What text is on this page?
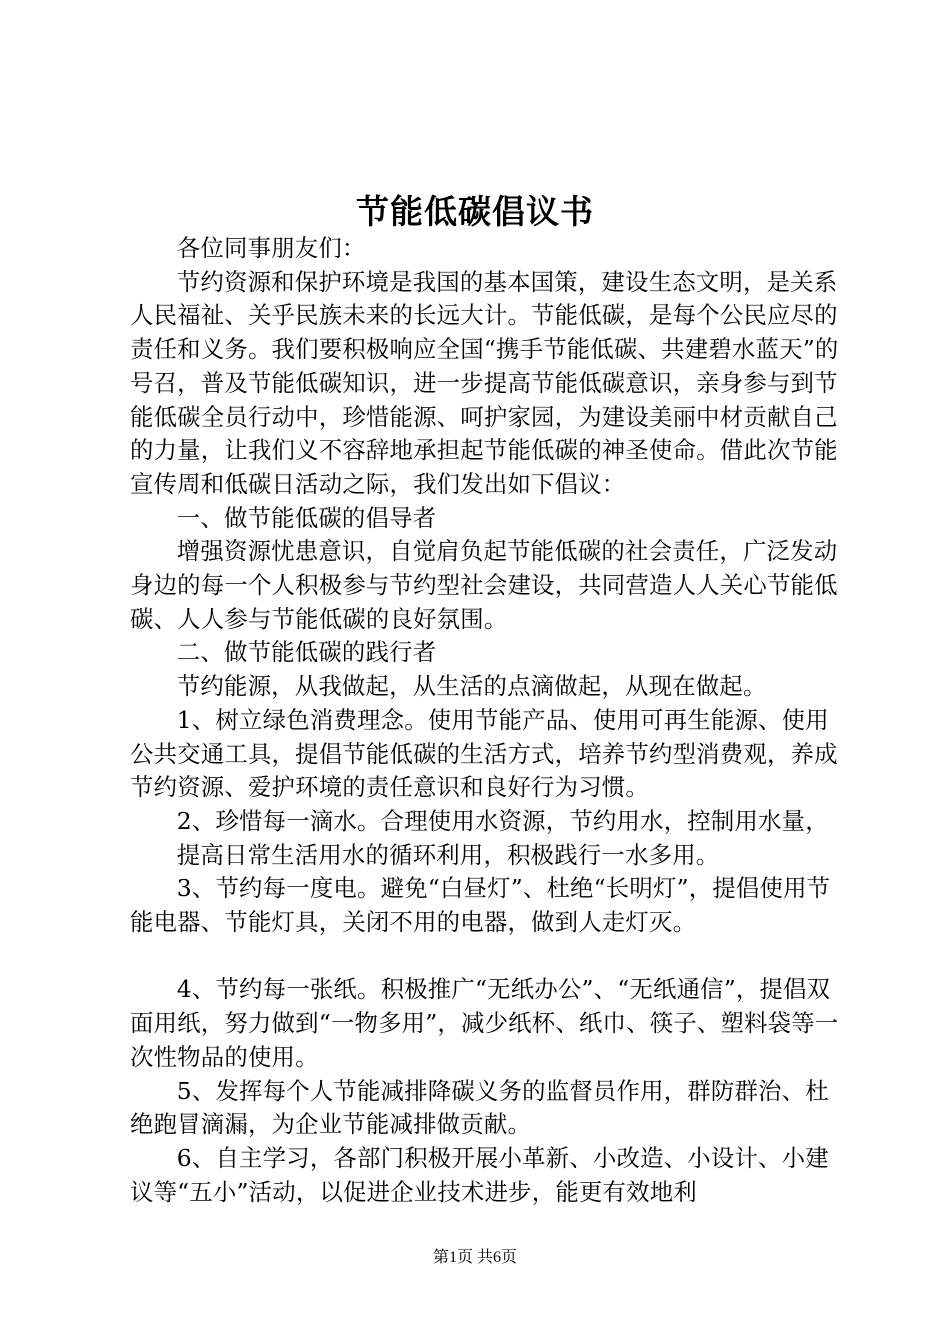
节能低碳倡议书

各位同事朋友们：

节约资源和保护环境是我国的基本国策，建设生态文明，是关系人民福祉、关乎民族未来的长远大计。节能低碳，是每个公民应尽的责任和义务。我们要积极响应全国“携手节能低碳、共建碧水蓝天”的号召，普及节能低碳知识，进一步提高节能低碳意识，亲身参与到节能低碳全员行动中，珍惜能源、呵护家园，为建设美丽中材贡献自己的力量，让我们义不容辞地承担起节能低碳的神圣使命。借此次节能宣传周和低碳日活动之际，我们发出如下倡议：

一、做节能低碳的倡导者

增强资源忧患意识，自觉肩负起节能低碳的社会责任，广泛发动身边的每一个人积极参与节约型社会建设，共同营造人人关心节能低碳、人人参与节能低碳的良好氛围。

二、做节能低碳的践行者

节约能源，从我做起，从生活的点滴做起，从现在做起。

1、树立绿色消费理念。使用节能产品、使用可再生能源、使用公共交通工具，提倡节能低碳的生活方式，培养节约型消费观，养成节约资源、爱护环境的责任意识和良好行为习惯。

2、珍惜每一滴水。合理使用水资源，节约用水，控制用水量，

提高日常生活用水的循环利用，积极践行一水多用。

3、节约每一度电。避免“白昼灯”、杜绝“长明灯”，提倡使用节能电器、节能灯具，关闭不用的电器，做到人走灯灭。

4、节约每一张纸。积极推广“无纸办公”、“无纸通信”，提倡双面用纸，努力做到“一物多用”，减少纸杯、纸巾、筷子、塑料袋等一次性物品的使用。

5、发挥每个人节能减排降碳义务的监督员作用，群防群治、杜绝跑冒滴漏，为企业节能减排做贡献。

6、自主学习，各部门积极开展小革新、小改造、小设计、小建议等“五小”活动，以促进企业技术进步，能更有效地利

第1页 共6页
